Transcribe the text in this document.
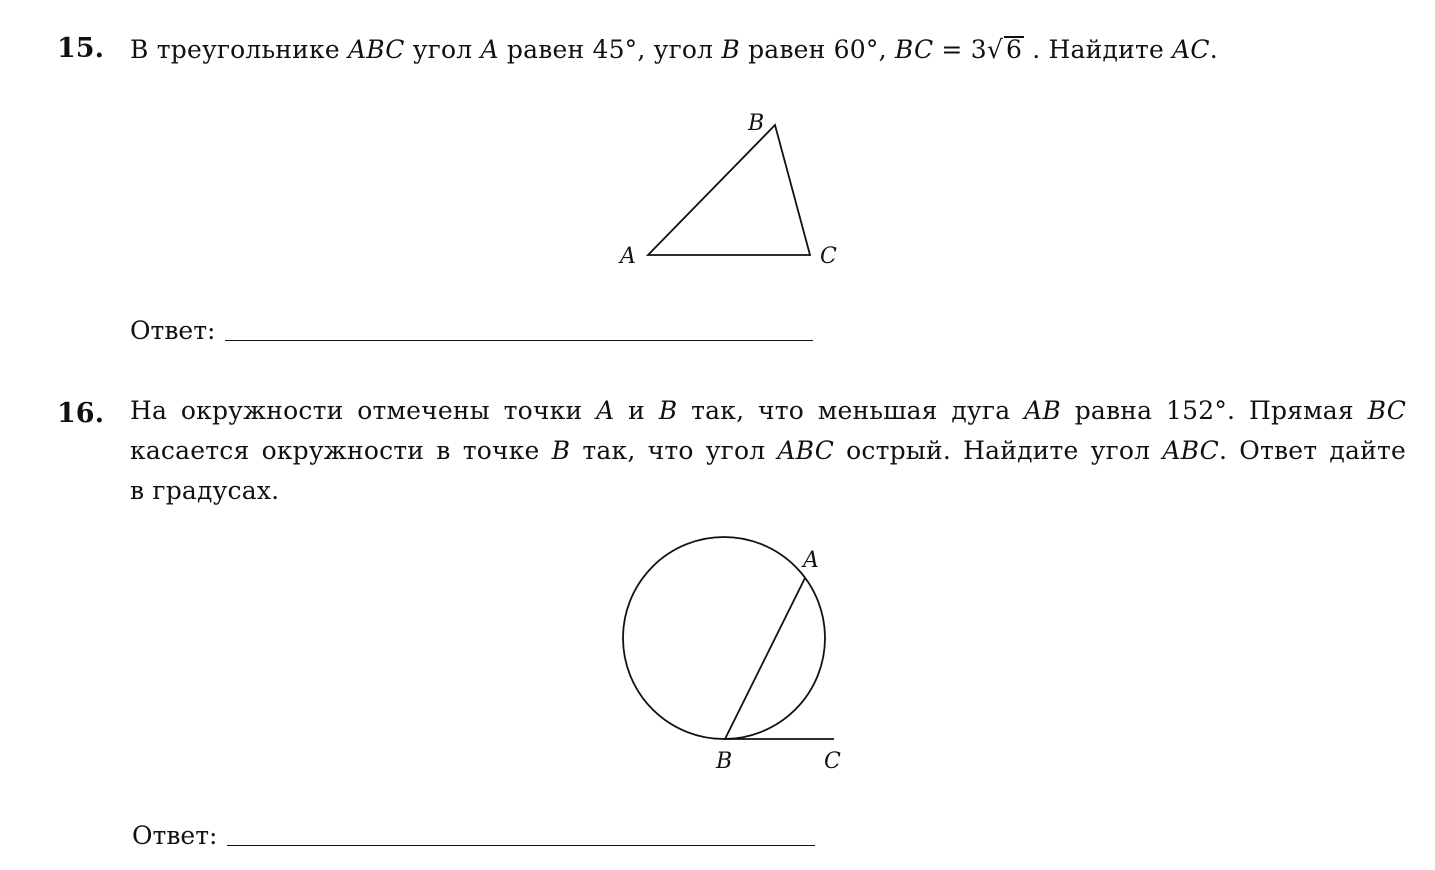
15. В треугольнике ABC угол A равен 45°, угол B равен 60°, BC = 3√ 6 . Найдите AC.
A
B
C
A
B	C
Ответ:
16. На окружности отмечены точки A и B так, что меньшая дуга AB равна 152°. Прямая BC
касается окружности в точке B так, что угол ABC острый. Найдите угол ABC. Ответ дайте
в градусах.
Ответ:
